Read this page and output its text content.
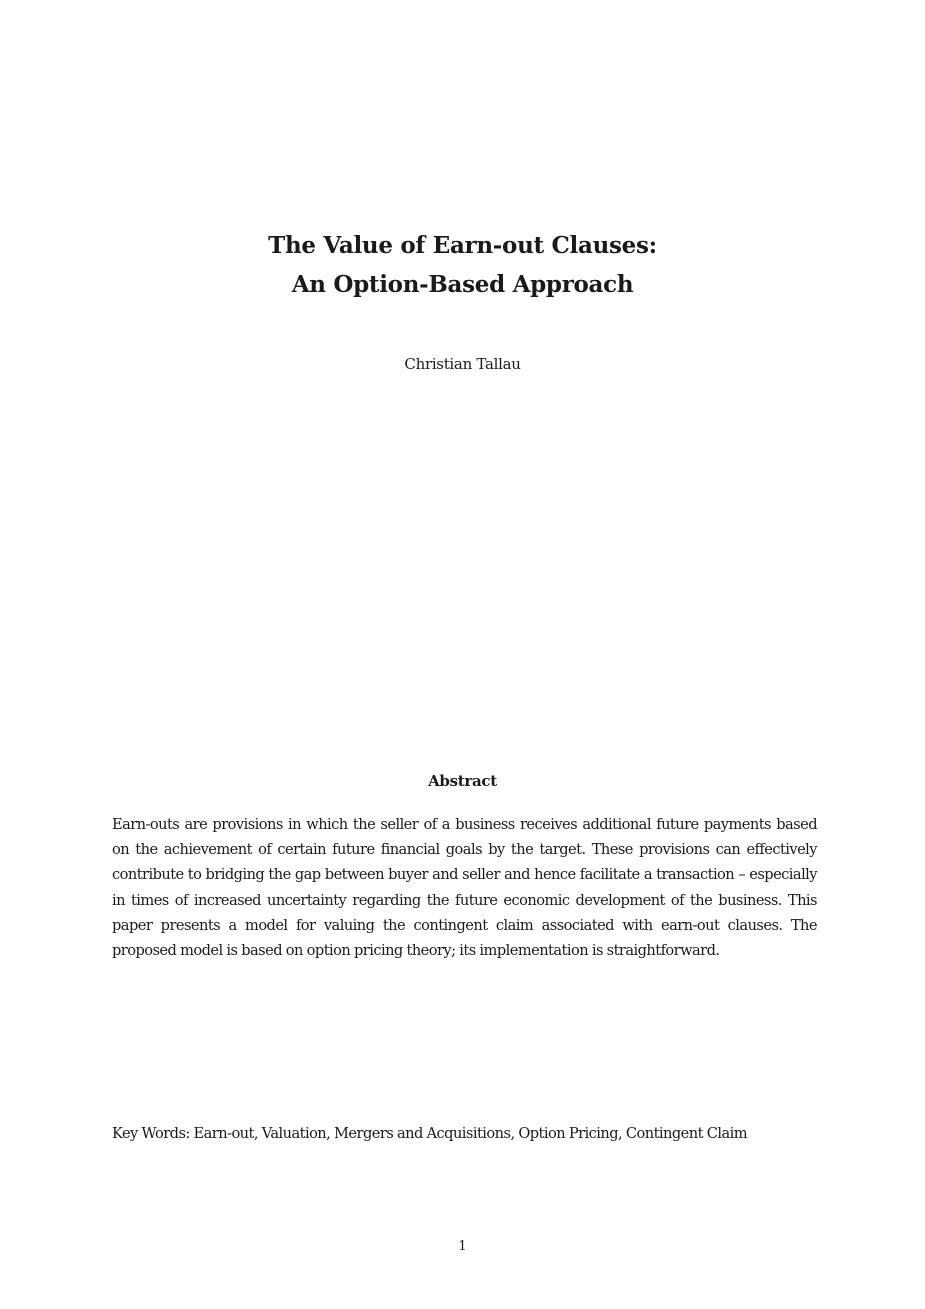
The Value of Earn-out Clauses:
An Option-Based Approach
Christian Tallau
Abstract
Earn-outs are provisions in which the seller of a business receives additional future payments based on the achievement of certain future financial goals by the target. These provisions can effectively contribute to bridging the gap between buyer and seller and hence facilitate a transaction – especially in times of increased uncertainty regarding the future economic development of the business. This paper presents a model for valuing the contingent claim associated with earn-out clauses. The proposed model is based on option pricing theory; its implementation is straightforward.
Key Words: Earn-out, Valuation, Mergers and Acquisitions, Option Pricing, Contingent Claim
1
